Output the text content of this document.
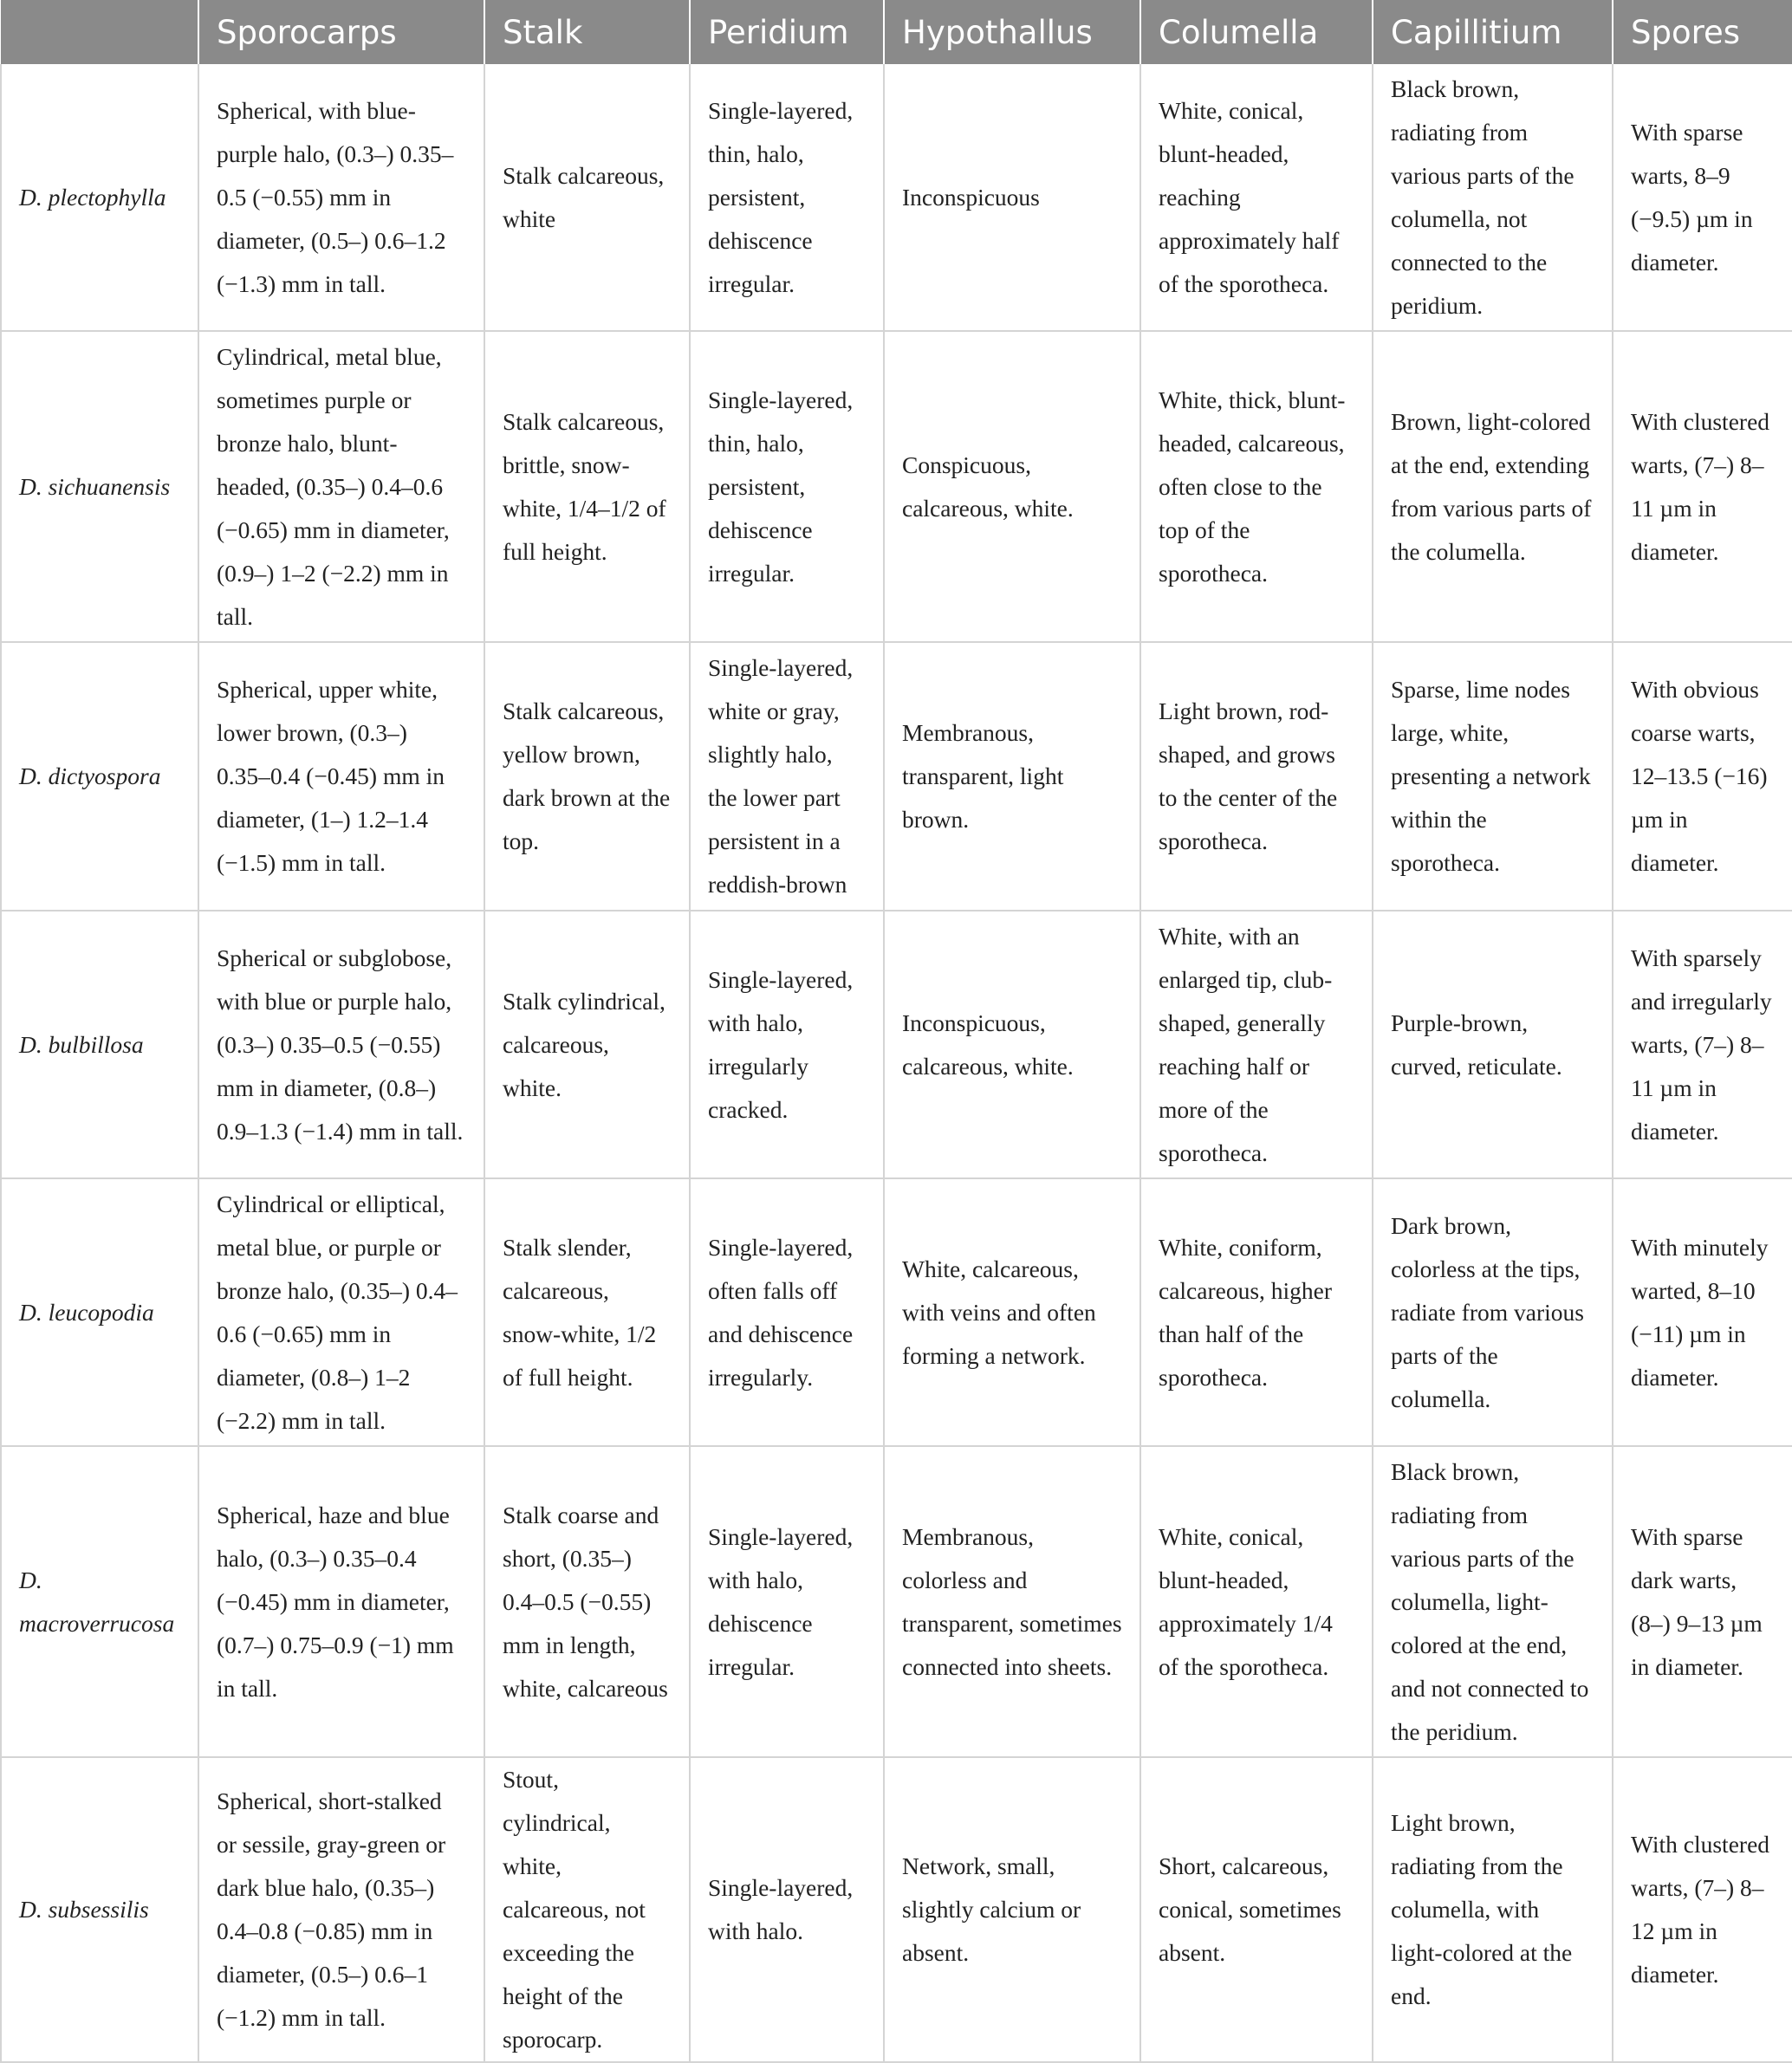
	Sporocarps	Stalk	Peridium	Hypothallus	Columella	Capillitium	Spores
D. plectophylla	Spherical, with blue-purple halo, (0.3–) 0.35–0.5 (−0.55) mm in diameter, (0.5–) 0.6–1.2 (−1.3) mm in tall.	Stalk calcareous, white	Single-layered, thin, halo, persistent, dehiscence irregular.	Inconspicuous	White, conical, blunt-headed, reaching approximately half of the sporotheca.	Black brown, radiating from various parts of the columella, not connected to the peridium.	With sparse warts, 8–9 (−9.5) µm in diameter.
D. sichuanensis	Cylindrical, metal blue, sometimes purple or bronze halo, blunt-headed, (0.35–) 0.4–0.6 (−0.65) mm in diameter, (0.9–) 1–2 (−2.2) mm in tall.	Stalk calcareous, brittle, snow-white, 1/4–1/2 of full height.	Single-layered, thin, halo, persistent, dehiscence irregular.	Conspicuous, calcareous, white.	White, thick, blunt-headed, calcareous, often close to the top of the sporotheca.	Brown, light-colored at the end, extending from various parts of the columella.	With clustered warts, (7–) 8–11 µm in diameter.
D. dictyospora	Spherical, upper white, lower brown, (0.3–) 0.35–0.4 (−0.45) mm in diameter, (1–) 1.2–1.4 (−1.5) mm in tall.	Stalk calcareous, yellow brown, dark brown at the top.	Single-layered, white or gray, slightly halo, the lower part persistent in a reddish-brown	Membranous, transparent, light brown.	Light brown, rod-shaped, and grows to the center of the sporotheca.	Sparse, lime nodes large, white, presenting a network within the sporotheca.	With obvious coarse warts, 12–13.5 (−16) µm in diameter.
D. bulbillosa	Spherical or subglobose, with blue or purple halo, (0.3–) 0.35–0.5 (−0.55) mm in diameter, (0.8–) 0.9–1.3 (−1.4) mm in tall.	Stalk cylindrical, calcareous, white.	Single-layered, with halo, irregularly cracked.	Inconspicuous, calcareous, white.	White, with an enlarged tip, club-shaped, generally reaching half or more of the sporotheca.	Purple-brown, curved, reticulate.	With sparsely and irregularly warts, (7–) 8–11 µm in diameter.
D. leucopodia	Cylindrical or elliptical, metal blue, or purple or bronze halo, (0.35–) 0.4–0.6 (−0.65) mm in diameter, (0.8–) 1–2 (−2.2) mm in tall.	Stalk slender, calcareous, snow-white, 1/2 of full height.	Single-layered, often falls off and dehiscence irregularly.	White, calcareous, with veins and often forming a network.	White, coniform, calcareous, higher than half of the sporotheca.	Dark brown, colorless at the tips, radiate from various parts of the columella.	With minutely warted, 8–10 (−11) µm in diameter.
D. macroverrucosa	Spherical, haze and blue halo, (0.3–) 0.35–0.4 (−0.45) mm in diameter, (0.7–) 0.75–0.9 (−1) mm in tall.	Stalk coarse and short, (0.35–) 0.4–0.5 (−0.55) mm in length, white, calcareous	Single-layered, with halo, dehiscence irregular.	Membranous, colorless and transparent, sometimes connected into sheets.	White, conical, blunt-headed, approximately 1/4 of the sporotheca.	Black brown, radiating from various parts of the columella, light-colored at the end, and not connected to the peridium.	With sparse dark warts, (8–) 9–13 µm in diameter.
D. subsessilis	Spherical, short-stalked or sessile, gray-green or dark blue halo, (0.35–) 0.4–0.8 (−0.85) mm in diameter, (0.5–) 0.6–1 (−1.2) mm in tall.	Stout, cylindrical, white, calcareous, not exceeding the height of the sporocarp.	Single-layered, with halo.	Network, small, slightly calcium or absent.	Short, calcareous, conical, sometimes absent.	Light brown, radiating from the columella, with light-colored at the end.	With clustered warts, (7–) 8–12 µm in diameter.
